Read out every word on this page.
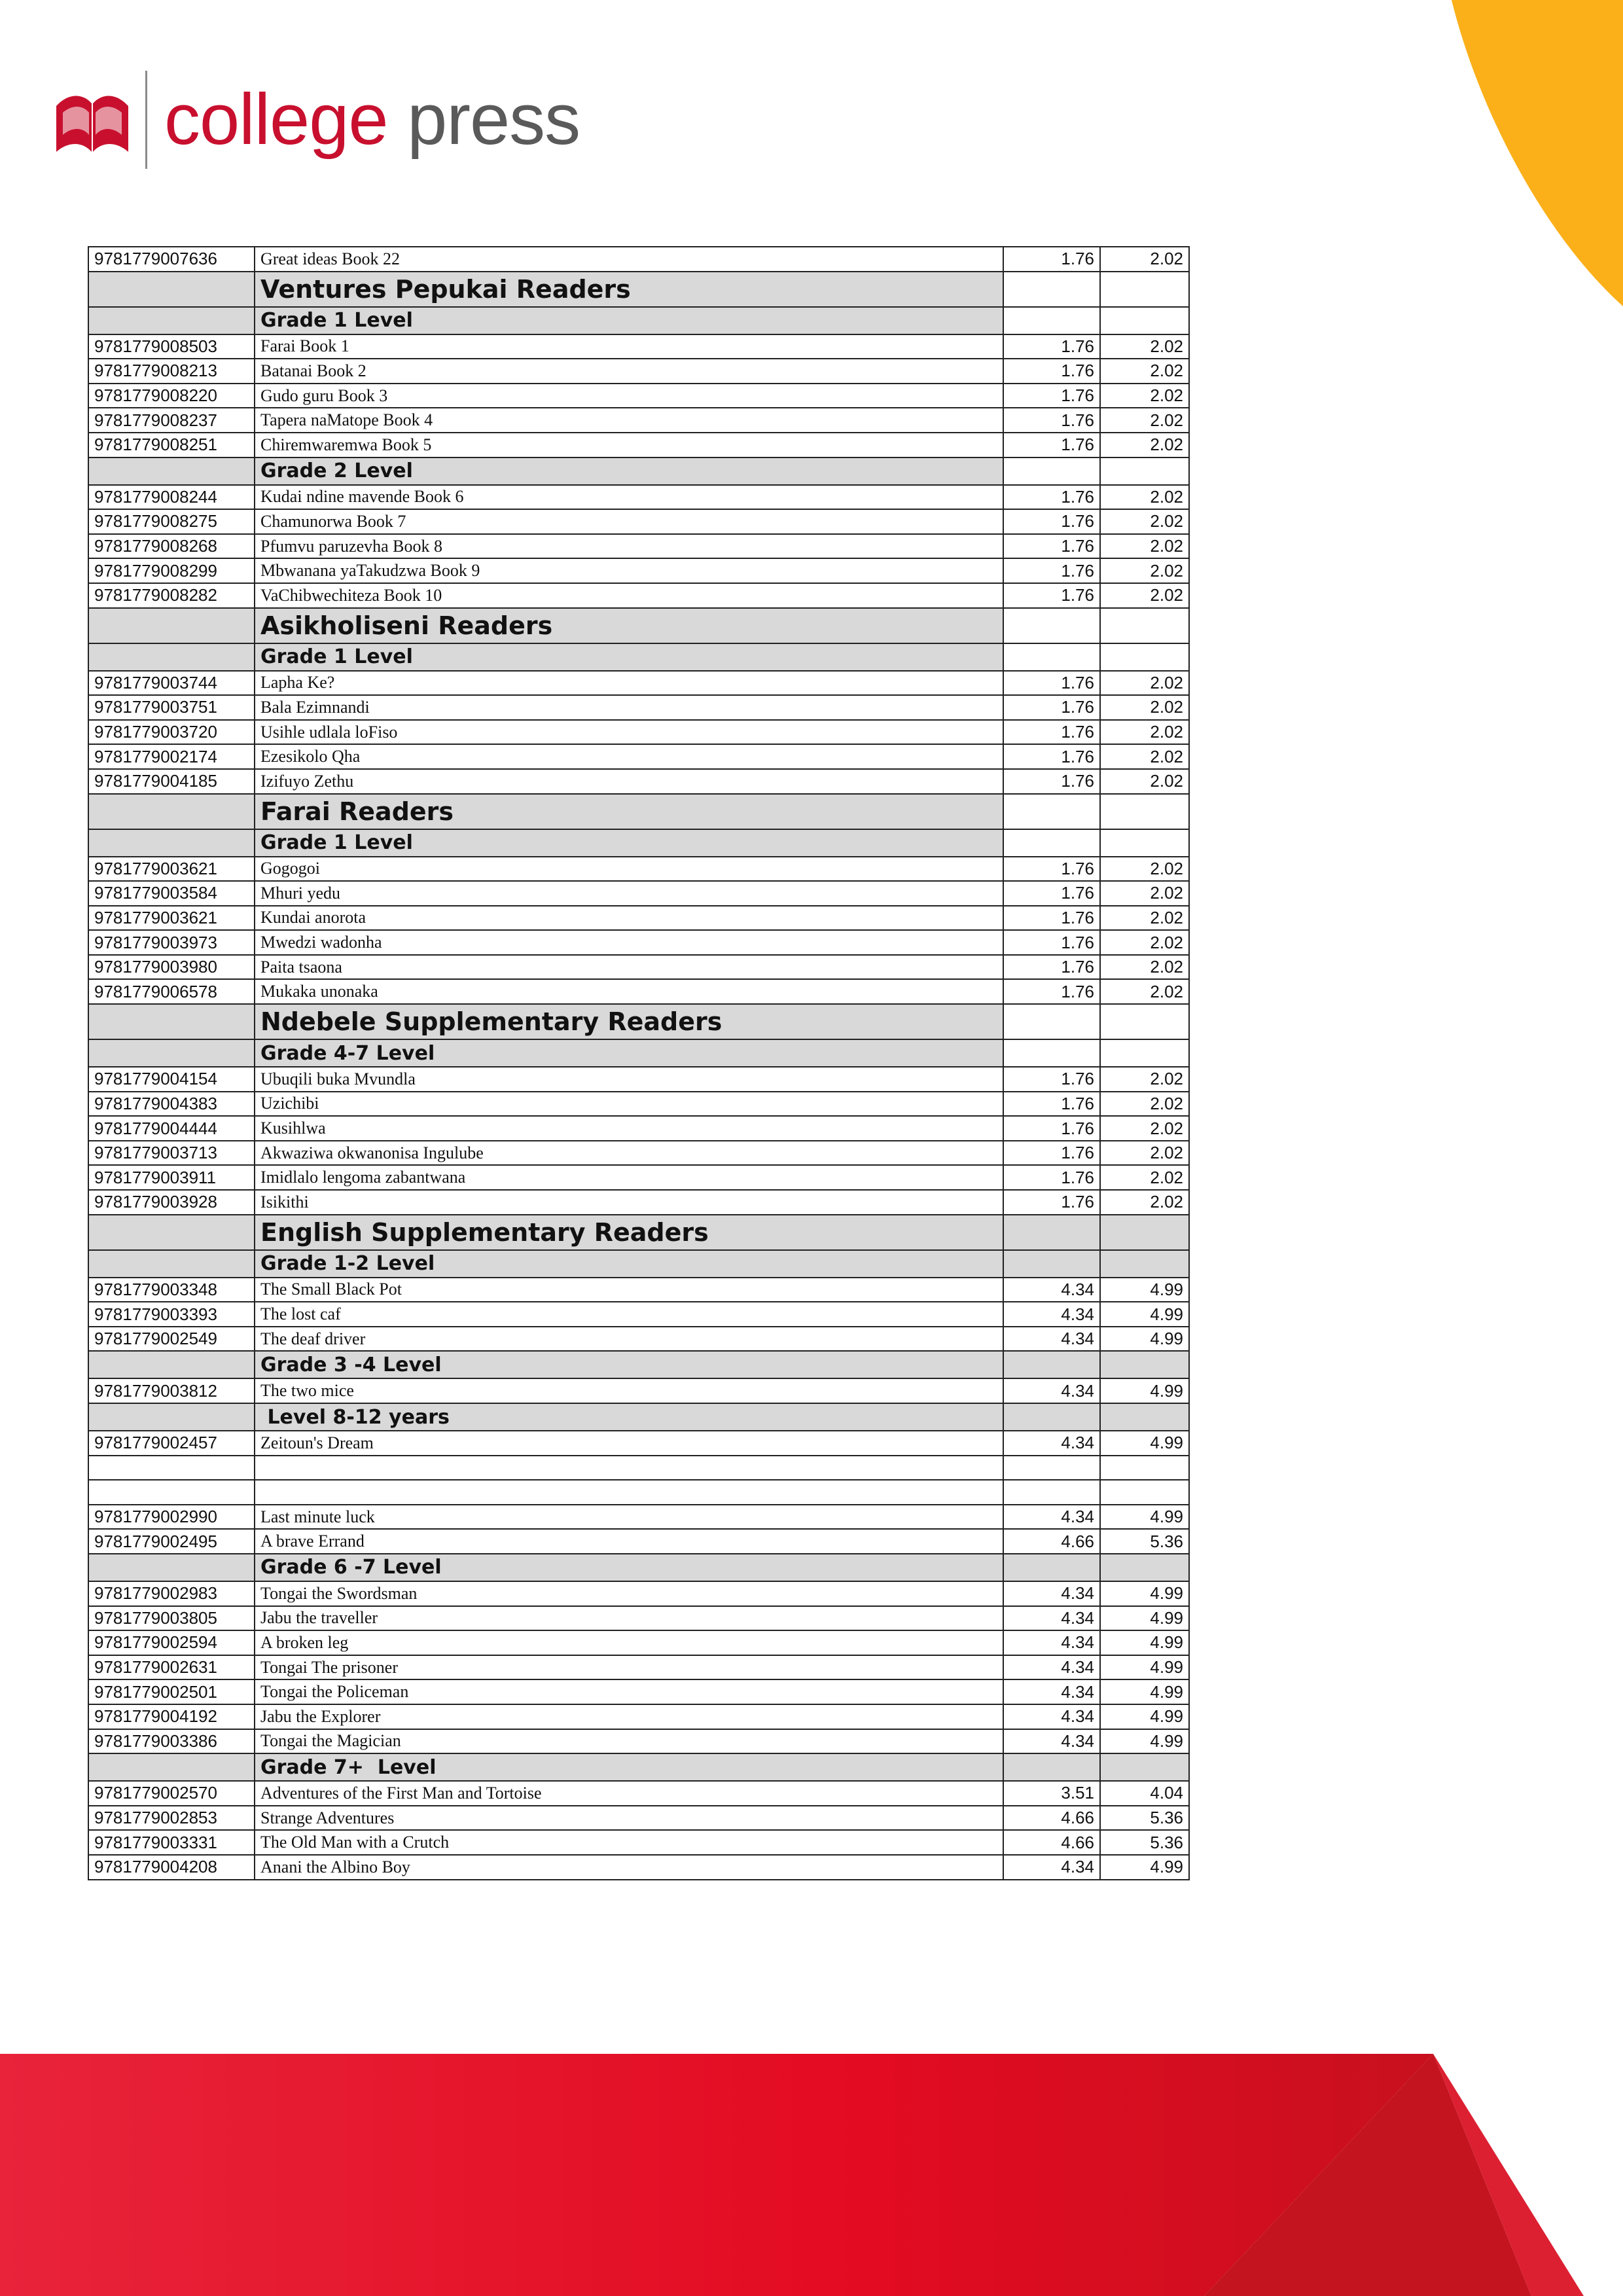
college press
9781779007636	Great ideas Book 22	1.76	2.02
	Ventures Pepukai Readers		
	Grade 1 Level		
9781779008503	Farai Book 1	1.76	2.02
9781779008213	Batanai Book 2	1.76	2.02
9781779008220	Gudo guru Book 3	1.76	2.02
9781779008237	Tapera naMatope Book 4	1.76	2.02
9781779008251	Chiremwaremwa Book 5	1.76	2.02
	Grade 2 Level		
9781779008244	Kudai ndine mavende Book 6	1.76	2.02
9781779008275	Chamunorwa Book 7	1.76	2.02
9781779008268	Pfumvu paruzevha Book 8	1.76	2.02
9781779008299	Mbwanana yaTakudzwa Book 9	1.76	2.02
9781779008282	VaChibwechiteza Book 10	1.76	2.02
	Asikholiseni Readers		
	Grade 1 Level		
9781779003744	Lapha Ke?	1.76	2.02
9781779003751	Bala Ezimnandi	1.76	2.02
9781779003720	Usihle udlala loFiso	1.76	2.02
9781779002174	Ezesikolo Qha	1.76	2.02
9781779004185	Izifuyo Zethu	1.76	2.02
	Farai Readers		
	Grade 1 Level		
9781779003621	Gogogoi	1.76	2.02
9781779003584	Mhuri yedu	1.76	2.02
9781779003621	Kundai anorota	1.76	2.02
9781779003973	Mwedzi wadonha	1.76	2.02
9781779003980	Paita tsaona	1.76	2.02
9781779006578	Mukaka unonaka	1.76	2.02
	Ndebele Supplementary Readers		
	Grade 4-7 Level		
9781779004154	Ubuqili buka Mvundla	1.76	2.02
9781779004383	Uzichibi	1.76	2.02
9781779004444	Kusihlwa	1.76	2.02
9781779003713	Akwaziwa okwanonisa Ingulube	1.76	2.02
9781779003911	Imidlalo lengoma zabantwana	1.76	2.02
9781779003928	Isikithi	1.76	2.02
	English Supplementary Readers		
	Grade 1-2 Level		
9781779003348	The Small Black Pot	4.34	4.99
9781779003393	The lost caf	4.34	4.99
9781779002549	The deaf driver	4.34	4.99
	Grade 3 -4 Level		
9781779003812	The two mice	4.34	4.99
	Level 8-12 years		
9781779002457	Zeitoun's Dream	4.34	4.99

9781779002990	Last minute luck	4.34	4.99
9781779002495	A brave Errand	4.66	5.36
	Grade 6 -7 Level		
9781779002983	Tongai the Swordsman	4.34	4.99
9781779003805	Jabu the traveller	4.34	4.99
9781779002594	A broken leg	4.34	4.99
9781779002631	Tongai The prisoner	4.34	4.99
9781779002501	Tongai the Policeman	4.34	4.99
9781779004192	Jabu the Explorer	4.34	4.99
9781779003386	Tongai the Magician	4.34	4.99
	Grade 7+  Level		
9781779002570	Adventures of the First Man and Tortoise	3.51	4.04
9781779002853	Strange Adventures	4.66	5.36
9781779003331	The Old Man with a Crutch	4.66	5.36
9781779004208	Anani the Albino Boy	4.34	4.99
